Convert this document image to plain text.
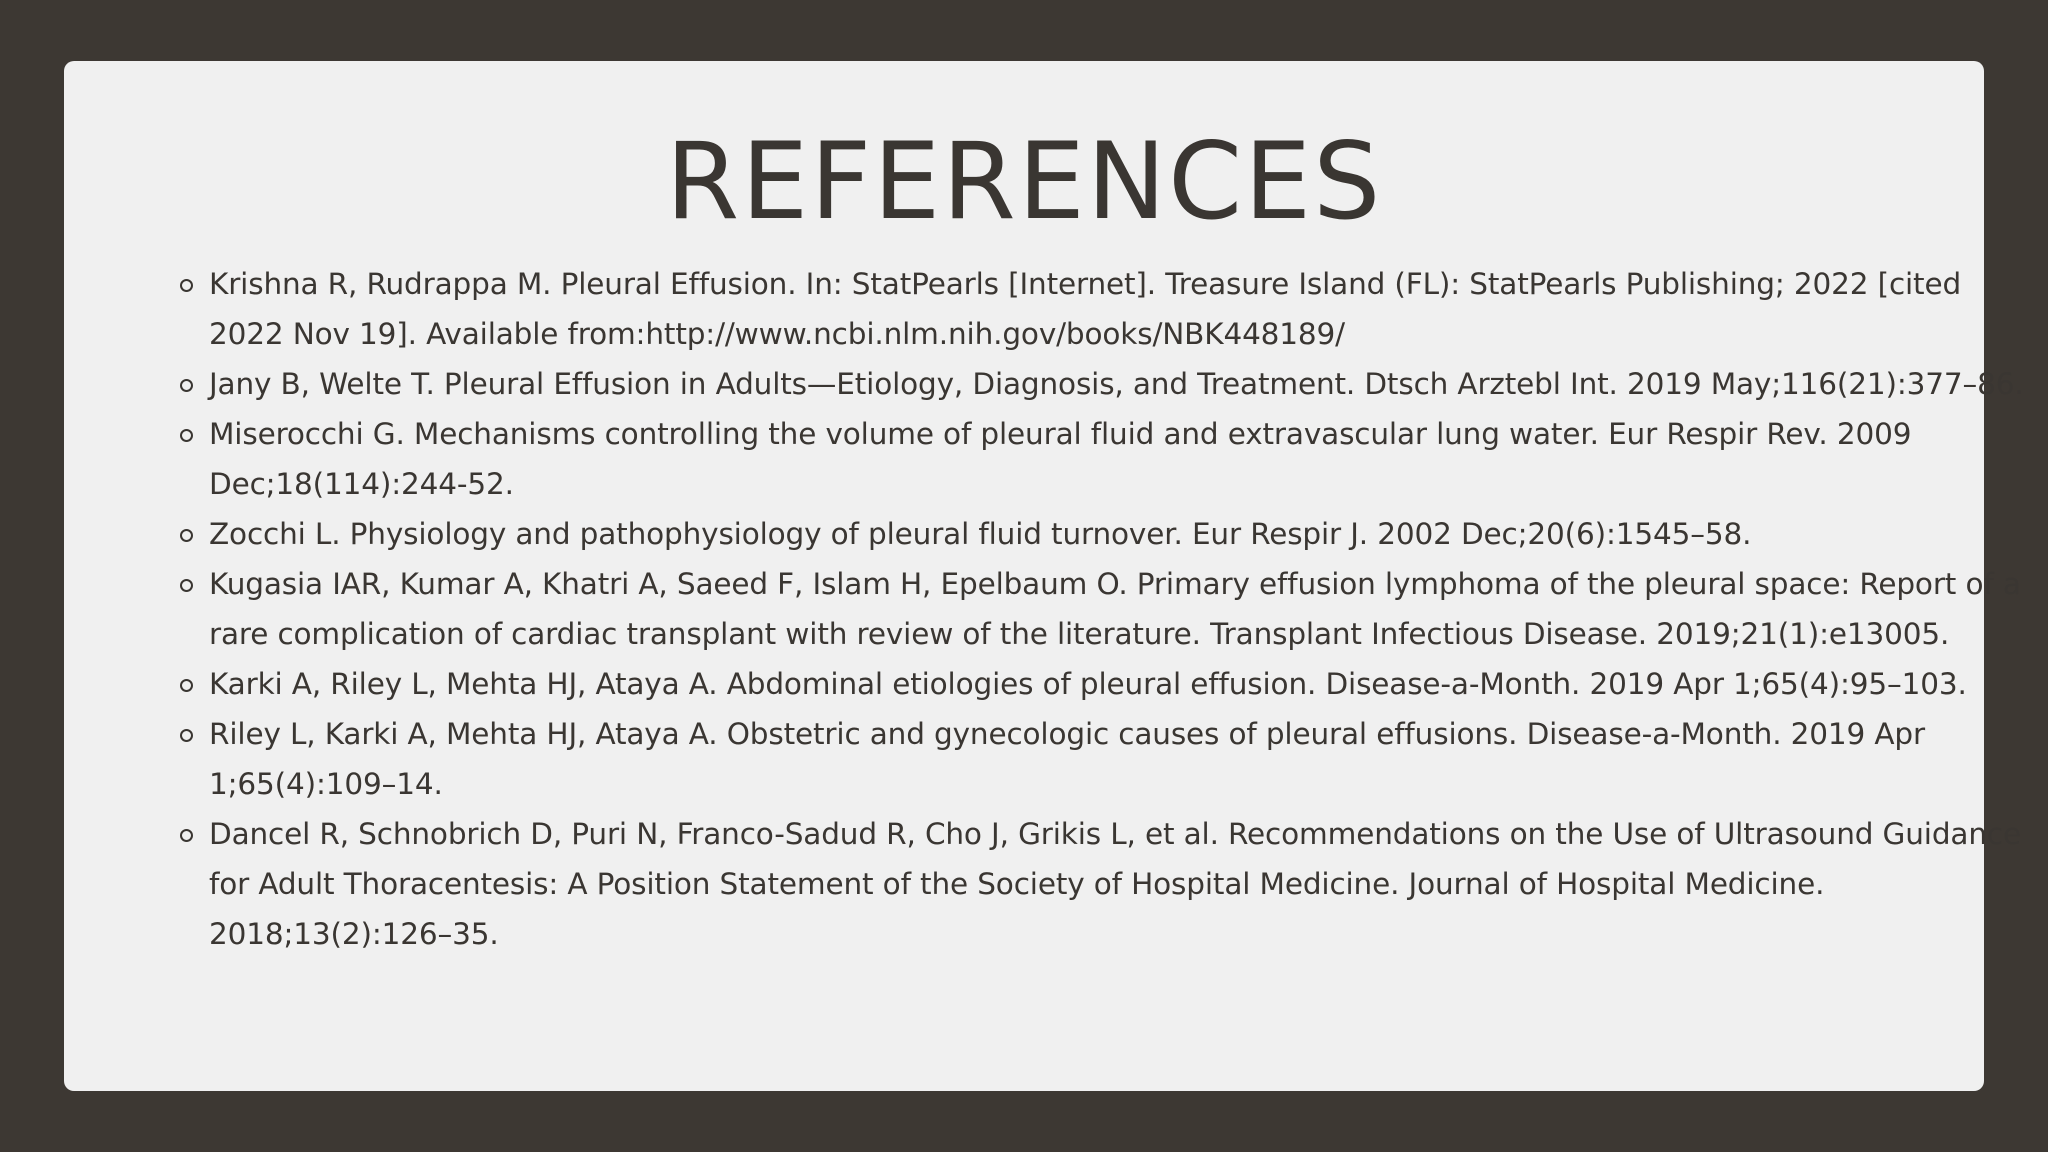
REFERENCES
Krishna R, Rudrappa M. Pleural Effusion. In: StatPearls [Internet]. Treasure Island (FL): StatPearls Publishing; 2022 [cited 2022 Nov 19]. Available from:http://www.ncbi.nlm.nih.gov/books/NBK448189/
Jany B, Welte T. Pleural Effusion in Adults—Etiology, Diagnosis, and Treatment. Dtsch Arztebl Int. 2019 May;116(21):377–86.
Miserocchi G. Mechanisms controlling the volume of pleural fluid and extravascular lung water. Eur Respir Rev. 2009 Dec;18(114):244-52.
Zocchi L. Physiology and pathophysiology of pleural fluid turnover. Eur Respir J. 2002 Dec;20(6):1545–58.
Kugasia IAR, Kumar A, Khatri A, Saeed F, Islam H, Epelbaum O. Primary effusion lymphoma of the pleural space: Report of a rare complication of cardiac transplant with review of the literature. Transplant Infectious Disease. 2019;21(1):e13005.
Karki A, Riley L, Mehta HJ, Ataya A. Abdominal etiologies of pleural effusion. Disease-a-Month. 2019 Apr 1;65(4):95–103.
Riley L, Karki A, Mehta HJ, Ataya A. Obstetric and gynecologic causes of pleural effusions. Disease-a-Month. 2019 Apr 1;65(4):109–14.
Dancel R, Schnobrich D, Puri N, Franco-Sadud R, Cho J, Grikis L, et al. Recommendations on the Use of Ultrasound Guidance for Adult Thoracentesis: A Position Statement of the Society of Hospital Medicine. Journal of Hospital Medicine. 2018;13(2):126–35.
